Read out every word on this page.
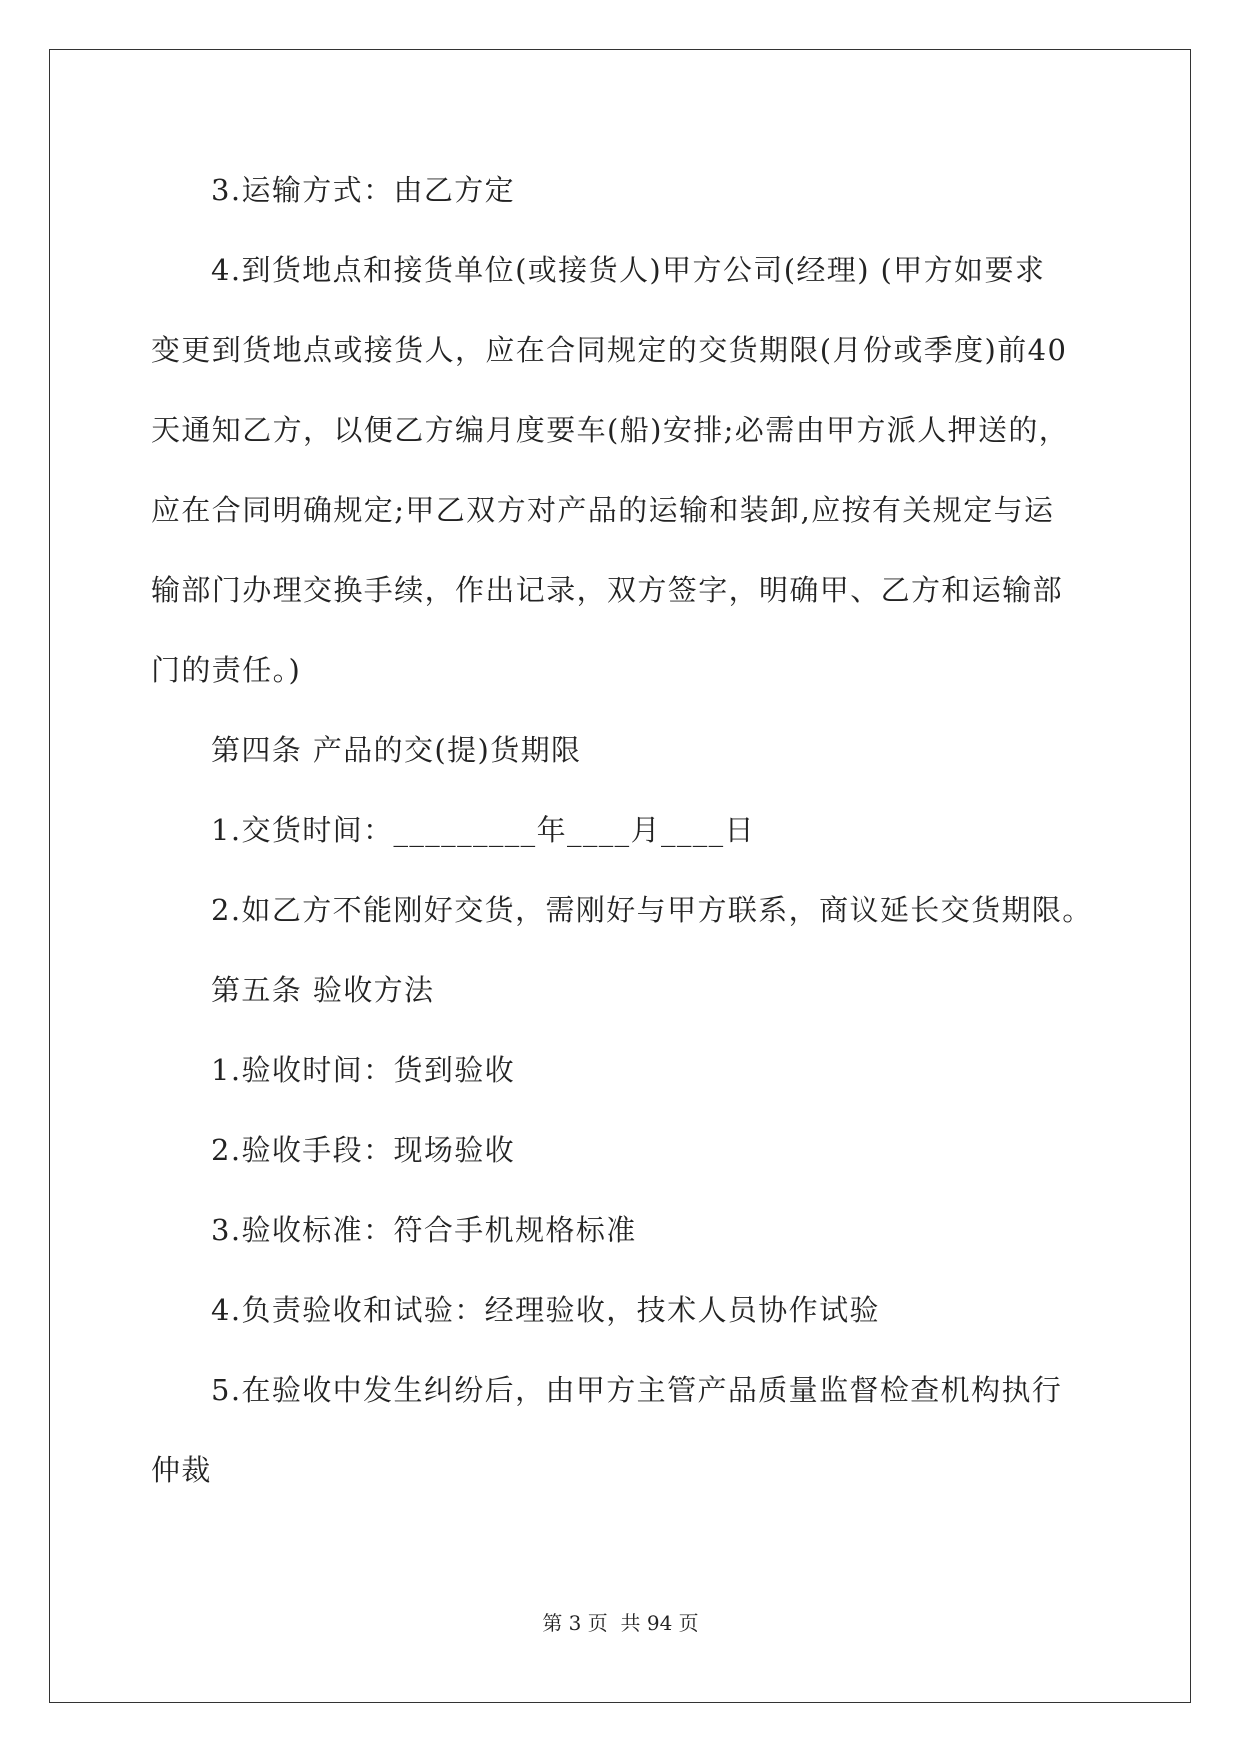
3.运输方式：由乙方定

4.到货地点和接货单位(或接货人)甲方公司(经理) (甲方如要求

变更到货地点或接货人，应在合同规定的交货期限(月份或季度)前40

天通知乙方，以便乙方编月度要车(船)安排;必需由甲方派人押送的，

应在合同明确规定;甲乙双方对产品的运输和装卸,应按有关规定与运

输部门办理交换手续，作出记录，双方签字，明确甲、乙方和运输部

门的责任。)

第四条 产品的交(提)货期限

1.交货时间：_________年____月____日

2.如乙方不能刚好交货，需刚好与甲方联系，商议延长交货期限。

第五条 验收方法

1.验收时间：货到验收

2.验收手段：现场验收

3.验收标准：符合手机规格标准

4.负责验收和试验：经理验收，技术人员协作试验

5.在验收中发生纠纷后，由甲方主管产品质量监督检查机构执行

仲裁

第 3 页  共 94 页
